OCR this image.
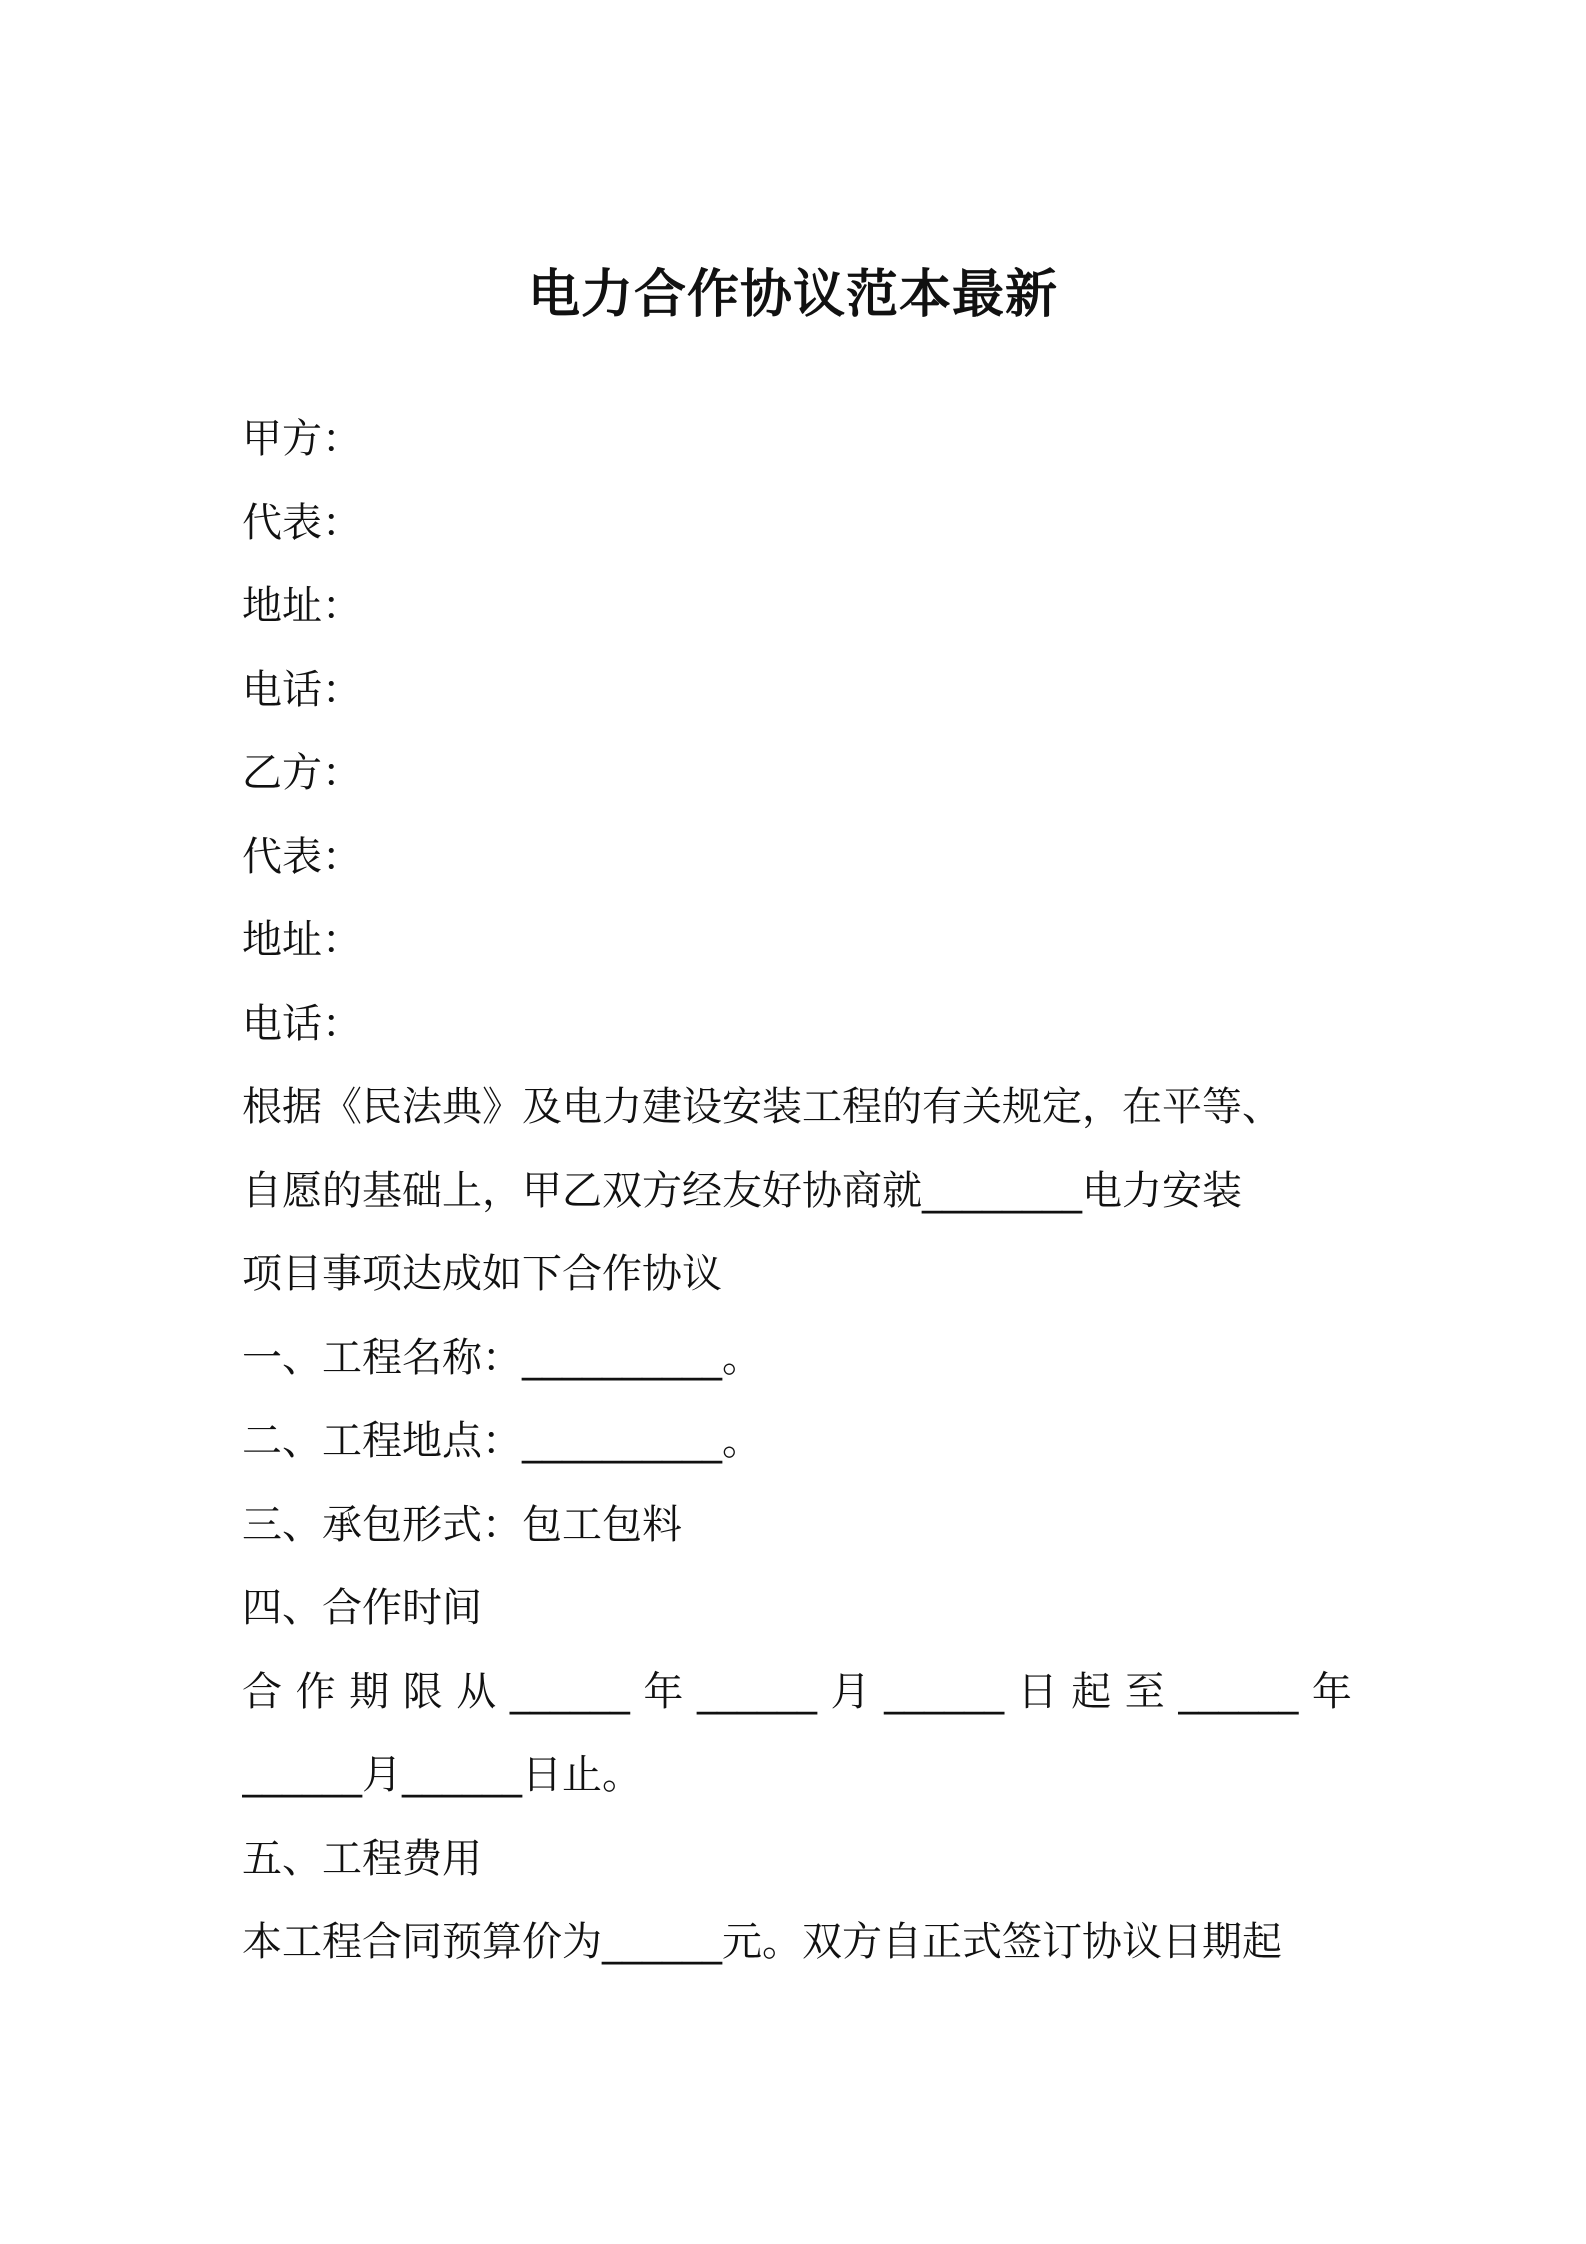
电力合作协议范本最新
甲方：
代表：
地址：
电话：
乙方：
代表：
地址：
电话：
根据《民法典》及电力建设安装工程的有关规定，在平等、
自愿的基础上，甲乙双方经友好协商就________电力安装
项目事项达成如下合作协议
一、工程名称：__________。
二、工程地点：__________。
三、承包形式：包工包料
四、合作时间
合 作 期 限 从 ______ 年 ______ 月 ______ 日 起 至 ______ 年
______月______日止。
五、工程费用
本工程合同预算价为______元。双方自正式签订协议日期起
